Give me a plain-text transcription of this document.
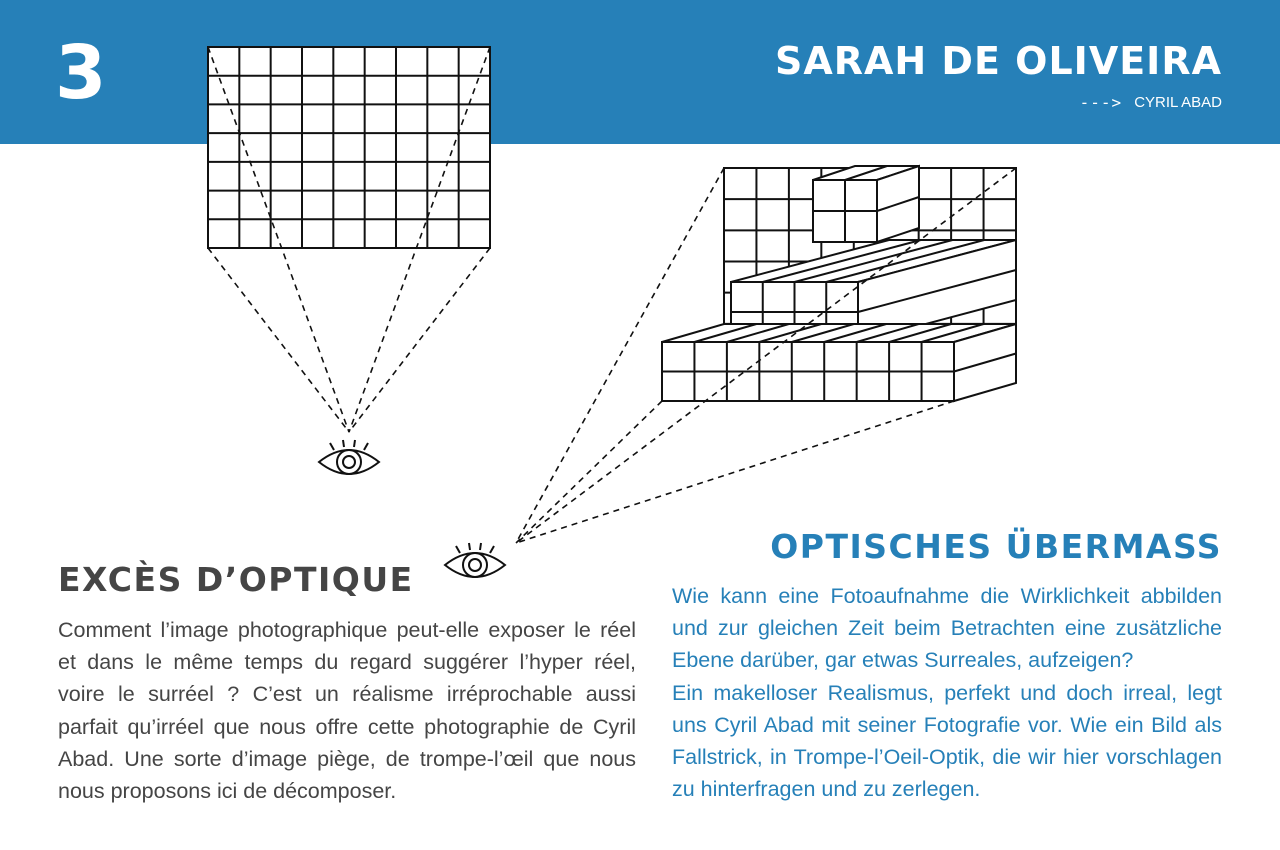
3	SARAH DE OLIVEIRA
---> CYRIL ABAD
EXCÈS D’OPTIQUE

Comment l’image photographique peut-elle exposer le réel et dans le même temps du regard suggérer l’hyper réel, voire le surréel ? C’est un réalisme irréprochable aussi parfait qu’irréel que nous offre cette photographie de Cyril Abad. Une sorte d’image piège, de trompe-l’œil que nous nous proposons ici de décomposer.

OPTISCHES ÜBERMASS

Wie kann eine Fotoaufnahme die Wirklichkeit abbilden und zur gleichen Zeit beim Betrachten eine zusätzliche Ebene darüber, gar etwas Surreales, aufzeigen?

Ein makelloser Realismus, perfekt und doch irreal, legt uns Cyril Abad mit seiner Fotografie vor. Wie ein Bild als Fallstrick, in Trompe-l’Oeil-Optik, die wir hier vorschlagen zu hinterfragen und zu zerlegen.
